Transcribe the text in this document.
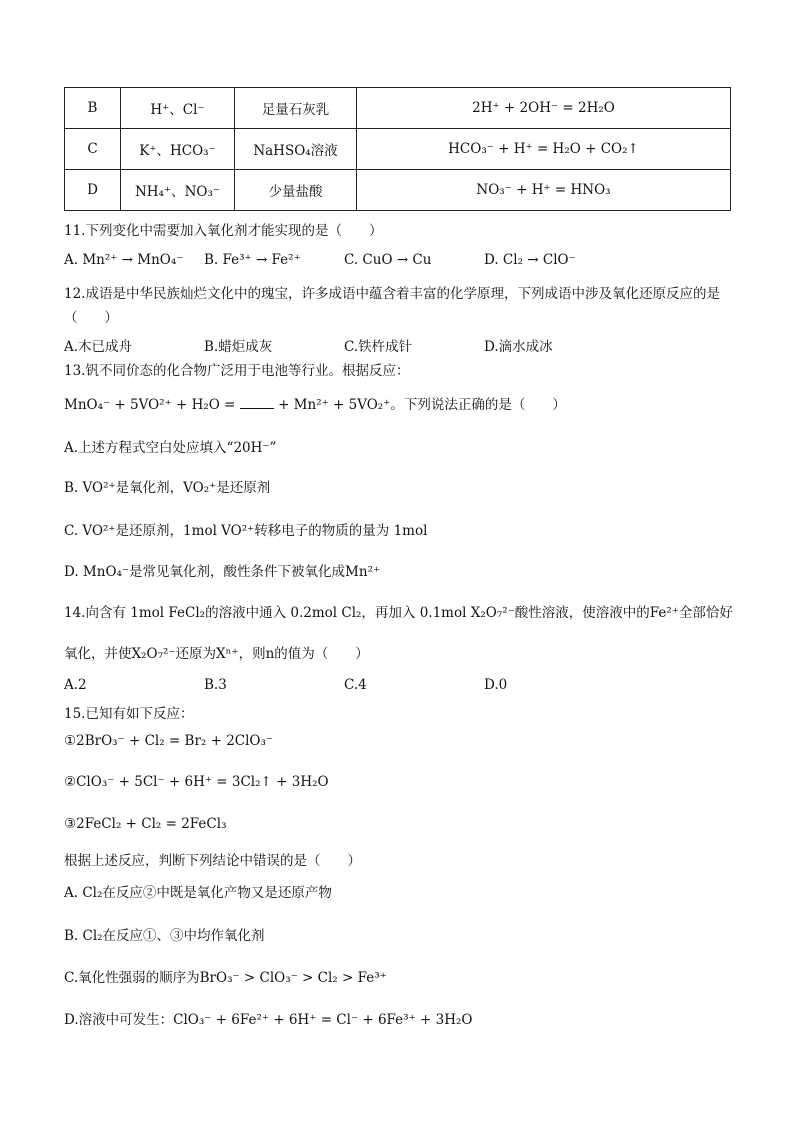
B	H⁺、Cl⁻	足量石灰乳	2H⁺ + 2OH⁻ = 2H₂O
C	K⁺、HCO₃⁻	NaHSO₄溶液	HCO₃⁻ + H⁺ = H₂O + CO₂↑
D	NH₄⁺、NO₃⁻	少量盐酸	NO₃⁻ + H⁺ = HNO₃
11.下列变化中需要加入氧化剂才能实现的是（　　）
A. Mn²⁺ → MnO₄⁻ B. Fe³⁺ → Fe²⁺	C. CuO → Cu	D. Cl₂ → ClO⁻
12.成语是中华民族灿烂文化中的瑰宝，许多成语中蕴含着丰富的化学原理，下列成语中涉及氧化还原反应的是（　　）
A.木已成舟	B.蜡炬成灰	C.铁杵成针	D.滴水成冰
13.钒不同价态的化合物广泛用于电池等行业。根据反应：
MnO₄⁻ + 5VO²⁺ + H₂O =	+ Mn²⁺ + 5VO₂⁺。下列说法正确的是（　　）
A.上述方程式空白处应填入“20H⁻”
B. VO²⁺是氧化剂，VO₂⁺是还原剂
C. VO²⁺是还原剂，1mol VO²⁺转移电子的物质的量为 1mol
D. MnO₄⁻是常见氧化剂，酸性条件下被氧化成Mn²⁺
14.向含有 1mol FeCl₂的溶液中通入 0.2mol Cl₂，再加入 0.1mol X₂O₇²⁻酸性溶液，使溶液中的Fe²⁺全部恰好
氧化，并使X₂O₇²⁻还原为Xⁿ⁺，则n的值为（　　）
A.2	B.3	C.4	D.0
15.已知有如下反应：
①2BrO₃⁻ + Cl₂ = Br₂ + 2ClO₃⁻
②ClO₃⁻ + 5Cl⁻ + 6H⁺ = 3Cl₂↑ + 3H₂O
③2FeCl₂ + Cl₂ = 2FeCl₃
根据上述反应，判断下列结论中错误的是（　　）
A. Cl₂在反应②中既是氧化产物又是还原产物
B. Cl₂在反应①、③中均作氧化剂
C.氧化性强弱的顺序为BrO₃⁻ > ClO₃⁻ > Cl₂ > Fe³⁺
D.溶液中可发生：ClO₃⁻ + 6Fe²⁺ + 6H⁺ = Cl⁻ + 6Fe³⁺ + 3H₂O
